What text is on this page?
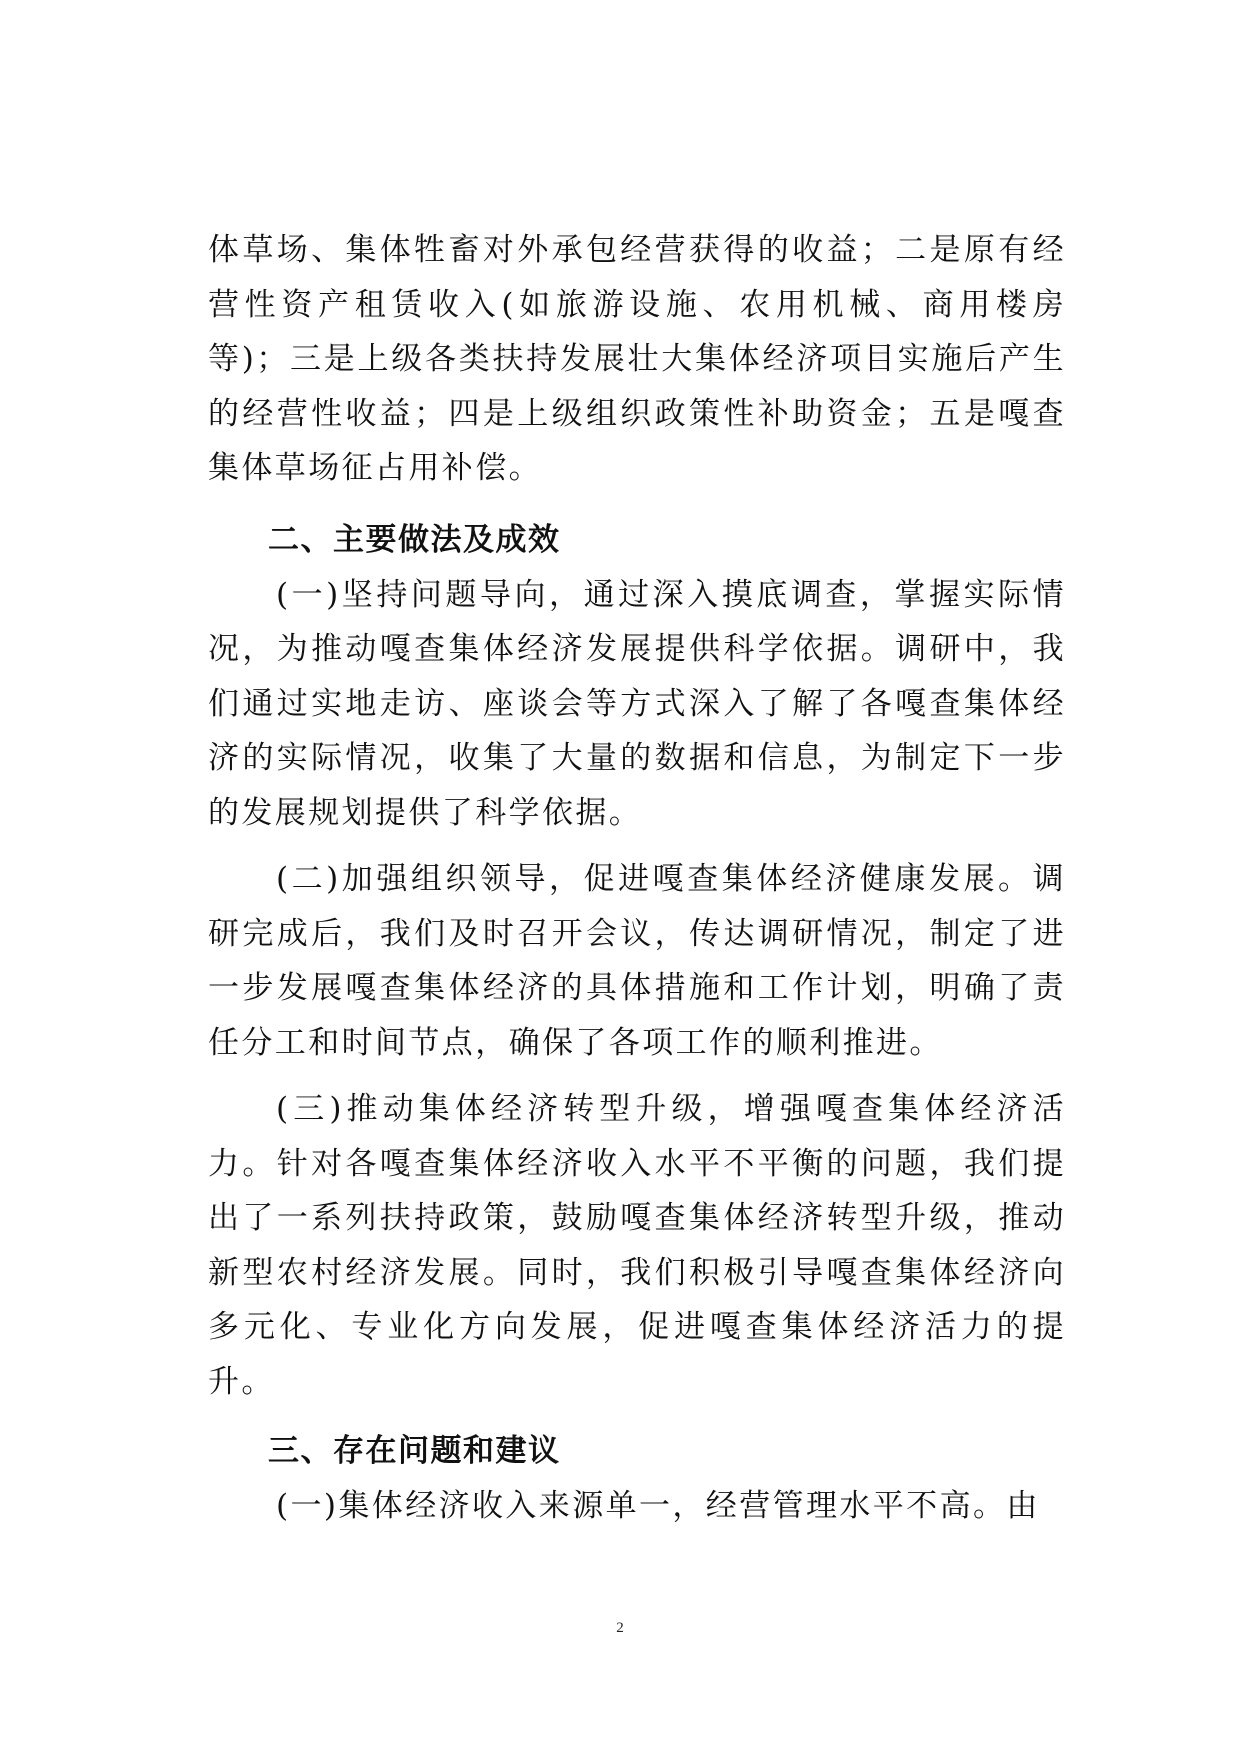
体草场、集体牲畜对外承包经营获得的收益；二是原有经营性资产租赁收入(如旅游设施、农用机械、商用楼房等)；三是上级各类扶持发展壮大集体经济项目实施后产生的经营性收益；四是上级组织政策性补助资金；五是嘎查集体草场征占用补偿。

二、主要做法及成效

(一)坚持问题导向，通过深入摸底调查，掌握实际情况，为推动嘎查集体经济发展提供科学依据。调研中，我们通过实地走访、座谈会等方式深入了解了各嘎查集体经济的实际情况，收集了大量的数据和信息，为制定下一步的发展规划提供了科学依据。

(二)加强组织领导，促进嘎查集体经济健康发展。调研完成后，我们及时召开会议，传达调研情况，制定了进一步发展嘎查集体经济的具体措施和工作计划，明确了责任分工和时间节点，确保了各项工作的顺利推进。

(三)推动集体经济转型升级，增强嘎查集体经济活力。针对各嘎查集体经济收入水平不平衡的问题，我们提出了一系列扶持政策，鼓励嘎查集体经济转型升级，推动新型农村经济发展。同时，我们积极引导嘎查集体经济向多元化、专业化方向发展，促进嘎查集体经济活力的提升。

三、存在问题和建议

(一)集体经济收入来源单一，经营管理水平不高。由

2
